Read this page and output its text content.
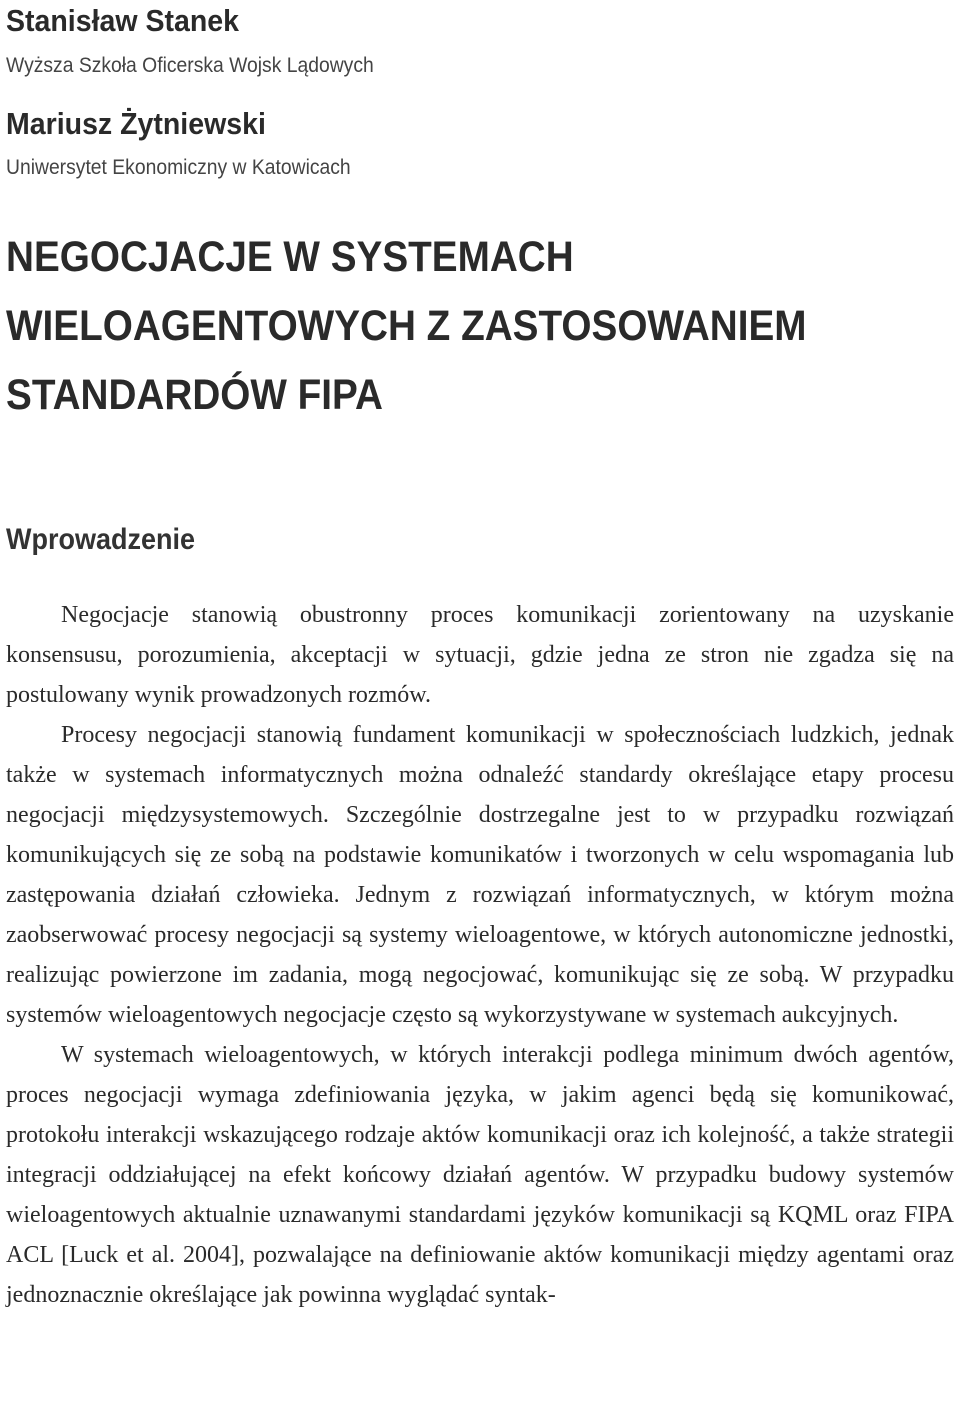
Stanisław Stanek
Wyższa Szkoła Oficerska Wojsk Lądowych
Mariusz Żytniewski
Uniwersytet Ekonomiczny w Katowicach
NEGOCJACJE W SYSTEMACH
WIELOAGENTOWYCH Z ZASTOSOWANIEM
STANDARDÓW FIPA
Wprowadzenie

Negocjacje stanowią obustronny proces komunikacji zorientowany na uzyskanie konsensusu, porozumienia, akceptacji w sytuacji, gdzie jedna ze stron nie zgadza się na postulowany wynik prowadzonych rozmów.

Procesy negocjacji stanowią fundament komunikacji w społecznościach ludzkich, jednak także w systemach informatycznych można odnaleźć standardy określające etapy procesu negocjacji międzysystemowych. Szczególnie dostrzegalne jest to w przypadku rozwiązań komunikujących się ze sobą na podstawie komunikatów i tworzonych w celu wspomagania lub zastępowania działań człowieka. Jednym z rozwiązań informatycznych, w którym można zaobserwować procesy negocjacji są systemy wieloagentowe, w których autonomiczne jednostki, realizując powierzone im zadania, mogą negocjować, komunikując się ze sobą. W przypadku systemów wieloagentowych negocjacje często są wykorzystywane w systemach aukcyjnych.

W systemach wieloagentowych, w których interakcji podlega minimum dwóch agentów, proces negocjacji wymaga zdefiniowania języka, w jakim agenci będą się komunikować, protokołu interakcji wskazującego rodzaje aktów komunikacji oraz ich kolejność, a także strategii integracji oddziałującej na efekt końcowy działań agentów. W przypadku budowy systemów wieloagentowych aktualnie uznawanymi standardami języków komunikacji są KQML oraz FIPA ACL [Luck et al. 2004], pozwalające na definiowanie aktów komunikacji między agentami oraz jednoznacznie określające jak powinna wyglądać syntak-
